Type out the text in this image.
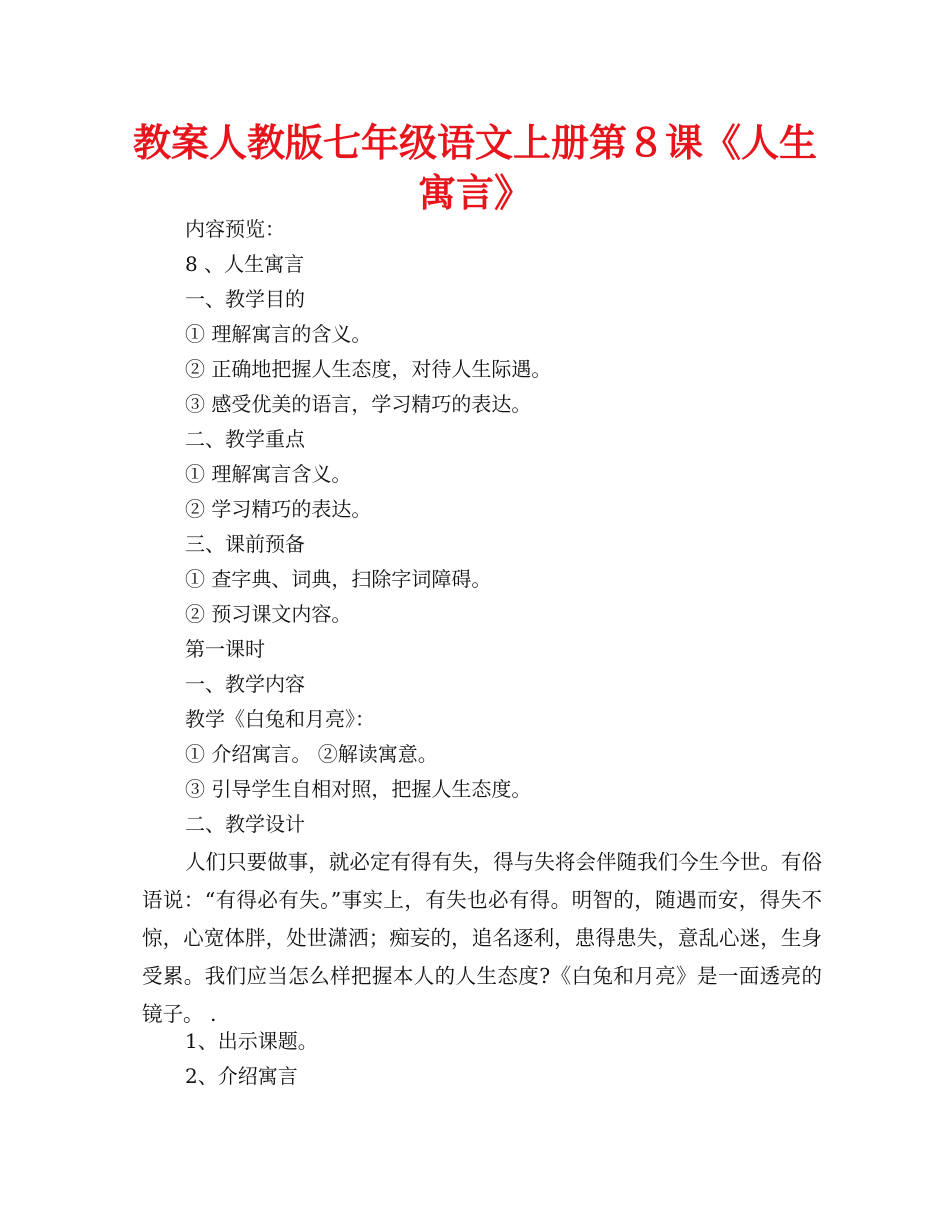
教案人教版七年级语文上册第８课《人生寓言》
内容预览：
8 、人生寓言
一、教学目的
① 理解寓言的含义。
② 正确地把握人生态度，对待人生际遇。
③ 感受优美的语言，学习精巧的表达。
二、教学重点
① 理解寓言含义。
② 学习精巧的表达。
三、课前预备
① 查字典、词典，扫除字词障碍。
② 预习课文内容。
第一课时
一、教学内容
教学《白兔和月亮》：
① 介绍寓言。 ②解读寓意。
③ 引导学生自相对照，把握人生态度。
二、教学设计

人们只要做事，就必定有得有失，得与失将会伴随我们今生今世。有俗语说：“有得必有失。”事实上，有失也必有得。明智的，随遇而安，得失不惊，心宽体胖，处世潇洒；痴妄的，追名逐利，患得患失，意乱心迷，生身受累。我们应当怎么样把握本人的人生态度?《白兔和月亮》是一面透亮的镜子。 .

1、出示课题。
2、介绍寓言
